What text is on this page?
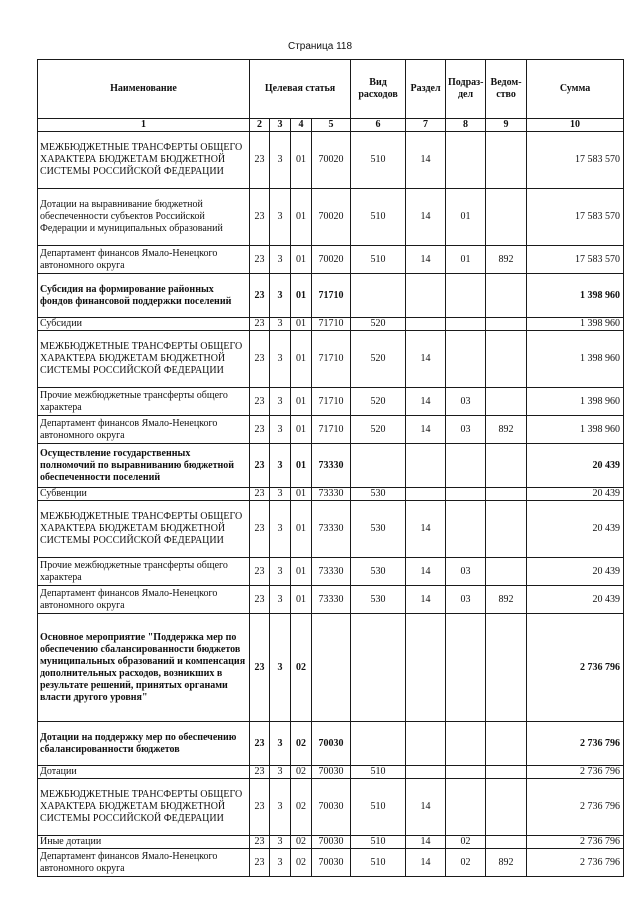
Страница 118
Наименование	Целевая статья				Вид расходов	Раздел	Подраз-дел	Ведом-ство	Сумма
1	2	3	4	5	6	7	8	9	10
МЕЖБЮДЖЕТНЫЕ ТРАНСФЕРТЫ ОБЩЕГО ХАРАКТЕРА БЮДЖЕТАМ БЮДЖЕТНОЙ СИСТЕМЫ РОССИЙСКОЙ ФЕДЕРАЦИИ	23	3	01	70020	510	14			17 583 570
Дотации на выравнивание бюджетной обеспеченности субъектов Российской Федерации и муниципальных образований	23	3	01	70020	510	14	01		17 583 570
Департамент финансов Ямало-Ненецкого автономного округа	23	3	01	70020	510	14	01	892	17 583 570
Субсидия на формирование районных фондов финансовой поддержки поселений	23	3	01	71710					1 398 960
Субсидии	23	3	01	71710	520				1 398 960
МЕЖБЮДЖЕТНЫЕ ТРАНСФЕРТЫ ОБЩЕГО ХАРАКТЕРА БЮДЖЕТАМ БЮДЖЕТНОЙ СИСТЕМЫ РОССИЙСКОЙ ФЕДЕРАЦИИ	23	3	01	71710	520	14			1 398 960
Прочие межбюджетные трансферты общего характера	23	3	01	71710	520	14	03		1 398 960
Департамент финансов Ямало-Ненецкого автономного округа	23	3	01	71710	520	14	03	892	1 398 960
Осуществление государственных полномочий по выравниванию бюджетной обеспеченности поселений	23	3	01	73330					20 439
Субвенции	23	3	01	73330	530				20 439
МЕЖБЮДЖЕТНЫЕ ТРАНСФЕРТЫ ОБЩЕГО ХАРАКТЕРА БЮДЖЕТАМ БЮДЖЕТНОЙ СИСТЕМЫ РОССИЙСКОЙ ФЕДЕРАЦИИ	23	3	01	73330	530	14			20 439
Прочие межбюджетные трансферты общего характера	23	3	01	73330	530	14	03		20 439
Департамент финансов Ямало-Ненецкого автономного округа	23	3	01	73330	530	14	03	892	20 439
Основное мероприятие "Поддержка мер по обеспечению сбалансированности бюджетов муниципальных образований и компенсация дополнительных расходов, возникших в результате решений, принятых органами власти другого уровня"	23	3	02						2 736 796
Дотации на поддержку мер по обеспечению сбалансированности бюджетов	23	3	02	70030					2 736 796
Дотации	23	3	02	70030	510				2 736 796
МЕЖБЮДЖЕТНЫЕ ТРАНСФЕРТЫ ОБЩЕГО ХАРАКТЕРА БЮДЖЕТАМ БЮДЖЕТНОЙ СИСТЕМЫ РОССИЙСКОЙ ФЕДЕРАЦИИ	23	3	02	70030	510	14			2 736 796
Иные дотации	23	3	02	70030	510	14	02		2 736 796
Департамент финансов Ямало-Ненецкого автономного округа	23	3	02	70030	510	14	02	892	2 736 796
